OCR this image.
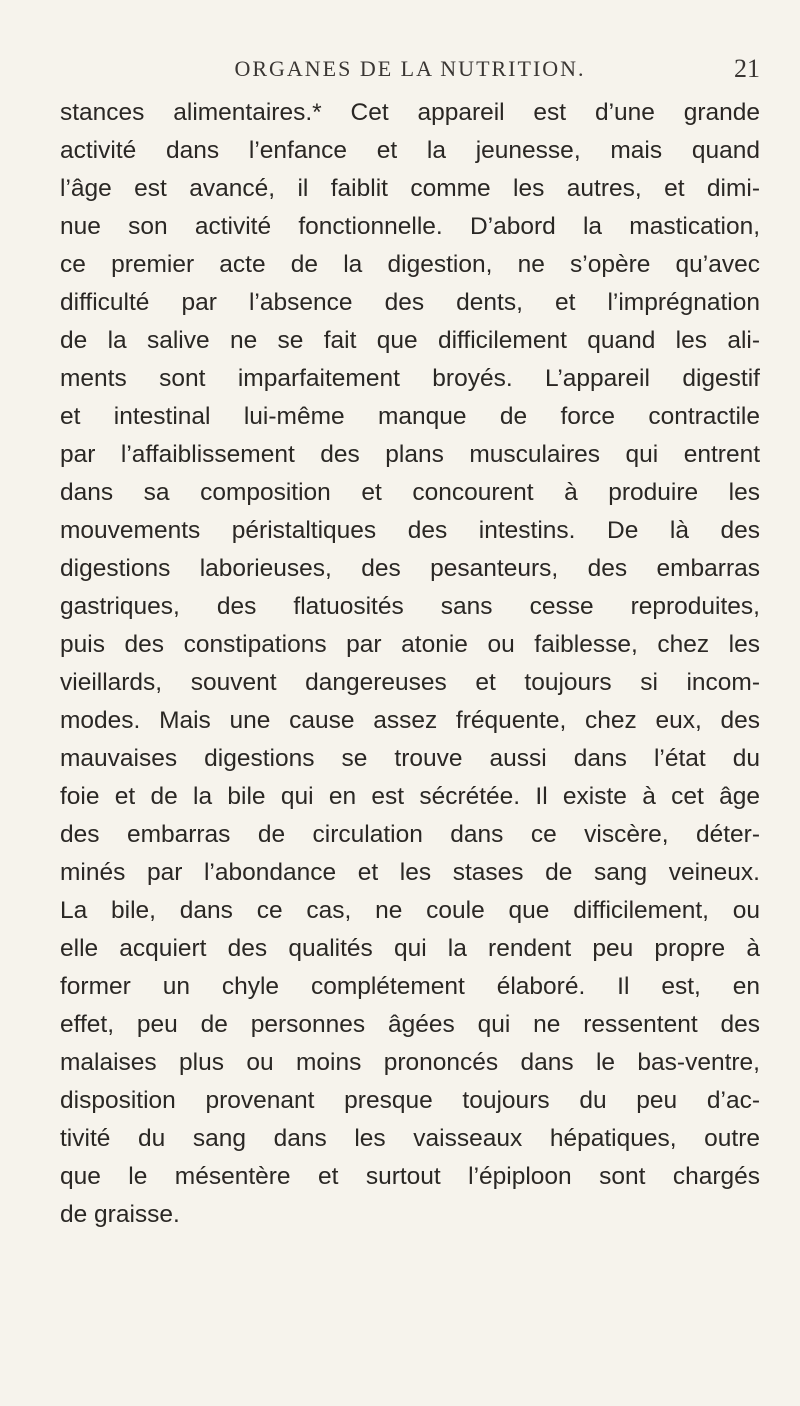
ORGANES DE LA NUTRITION.	21
stances alimentaires.* Cet appareil est d’une grande
activité dans l’enfance et la jeunesse, mais quand
l’âge est avancé, il faiblit comme les autres, et dimi-
nue son activité fonctionnelle. D’abord la mastication,
ce premier acte de la digestion, ne s’opère qu’avec
difficulté par l’absence des dents, et l’imprégnation
de la salive ne se fait que difficilement quand les ali-
ments sont imparfaitement broyés. L’appareil digestif
et intestinal lui-même manque de force contractile
par l’affaiblissement des plans musculaires qui entrent
dans sa composition et concourent à produire les
mouvements péristaltiques des intestins. De là des
digestions laborieuses, des pesanteurs, des embarras
gastriques, des flatuosités sans cesse reproduites,
puis des constipations par atonie ou faiblesse, chez les
vieillards, souvent dangereuses et toujours si incom-
modes. Mais une cause assez fréquente, chez eux, des
mauvaises digestions se trouve aussi dans l’état du
foie et de la bile qui en est sécrétée. Il existe à cet âge
des embarras de circulation dans ce viscère, déter-
minés par l’abondance et les stases de sang veineux.
La bile, dans ce cas, ne coule que difficilement, ou
elle acquiert des qualités qui la rendent peu propre à
former un chyle complétement élaboré. Il est, en
effet, peu de personnes âgées qui ne ressentent des
malaises plus ou moins prononcés dans le bas-ventre,
disposition provenant presque toujours du peu d’ac-
tivité du sang dans les vaisseaux hépatiques, outre
que le mésentère et surtout l’épiploon sont chargés
de graisse.
